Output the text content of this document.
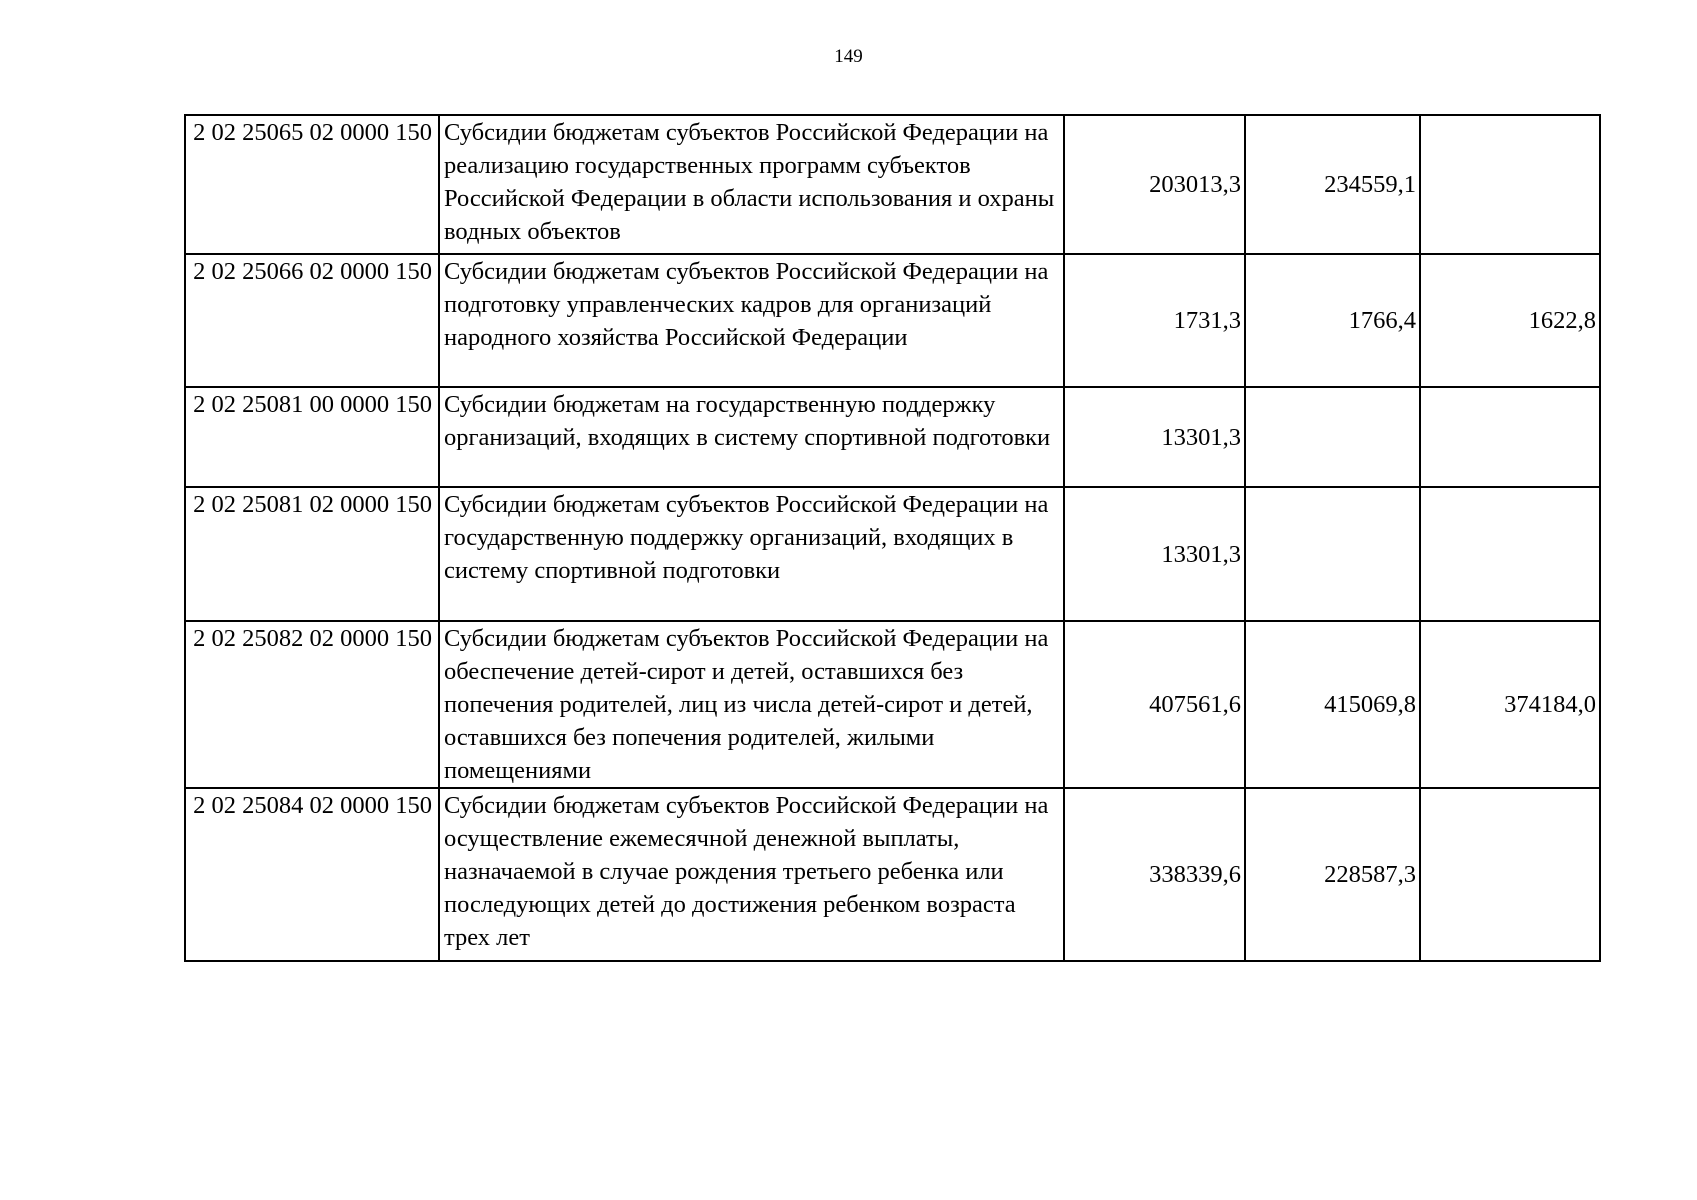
149
2 02 25065 02 0000 150	Субсидии бюджетам субъектов Российской Федерации на реализацию государственных программ субъектов Российской Федерации в области использования и охраны водных объектов	203013,3	234559,1	
2 02 25066 02 0000 150	Субсидии бюджетам субъектов Российской Федерации на подготовку управленческих кадров для организаций народного хозяйства Российской Федерации	1731,3	1766,4	1622,8
2 02 25081 00 0000 150	Субсидии бюджетам на государственную поддержку организаций, входящих в систему спортивной подготовки	13301,3		
2 02 25081 02 0000 150	Субсидии бюджетам субъектов Российской Федерации на государственную поддержку организаций, входящих в систему спортивной подготовки	13301,3		
2 02 25082 02 0000 150	Субсидии бюджетам субъектов Российской Федерации на обеспечение детей-сирот и детей, оставшихся без попечения родителей, лиц из числа детей-сирот и детей, оставшихся без попечения родителей, жилыми помещениями	407561,6	415069,8	374184,0
2 02 25084 02 0000 150	Субсидии бюджетам субъектов Российской Федерации на осуществление ежемесячной денежной выплаты, назначаемой в случае рождения третьего ребенка или последующих детей до достижения ребенком возраста трех лет	338339,6	228587,3	
